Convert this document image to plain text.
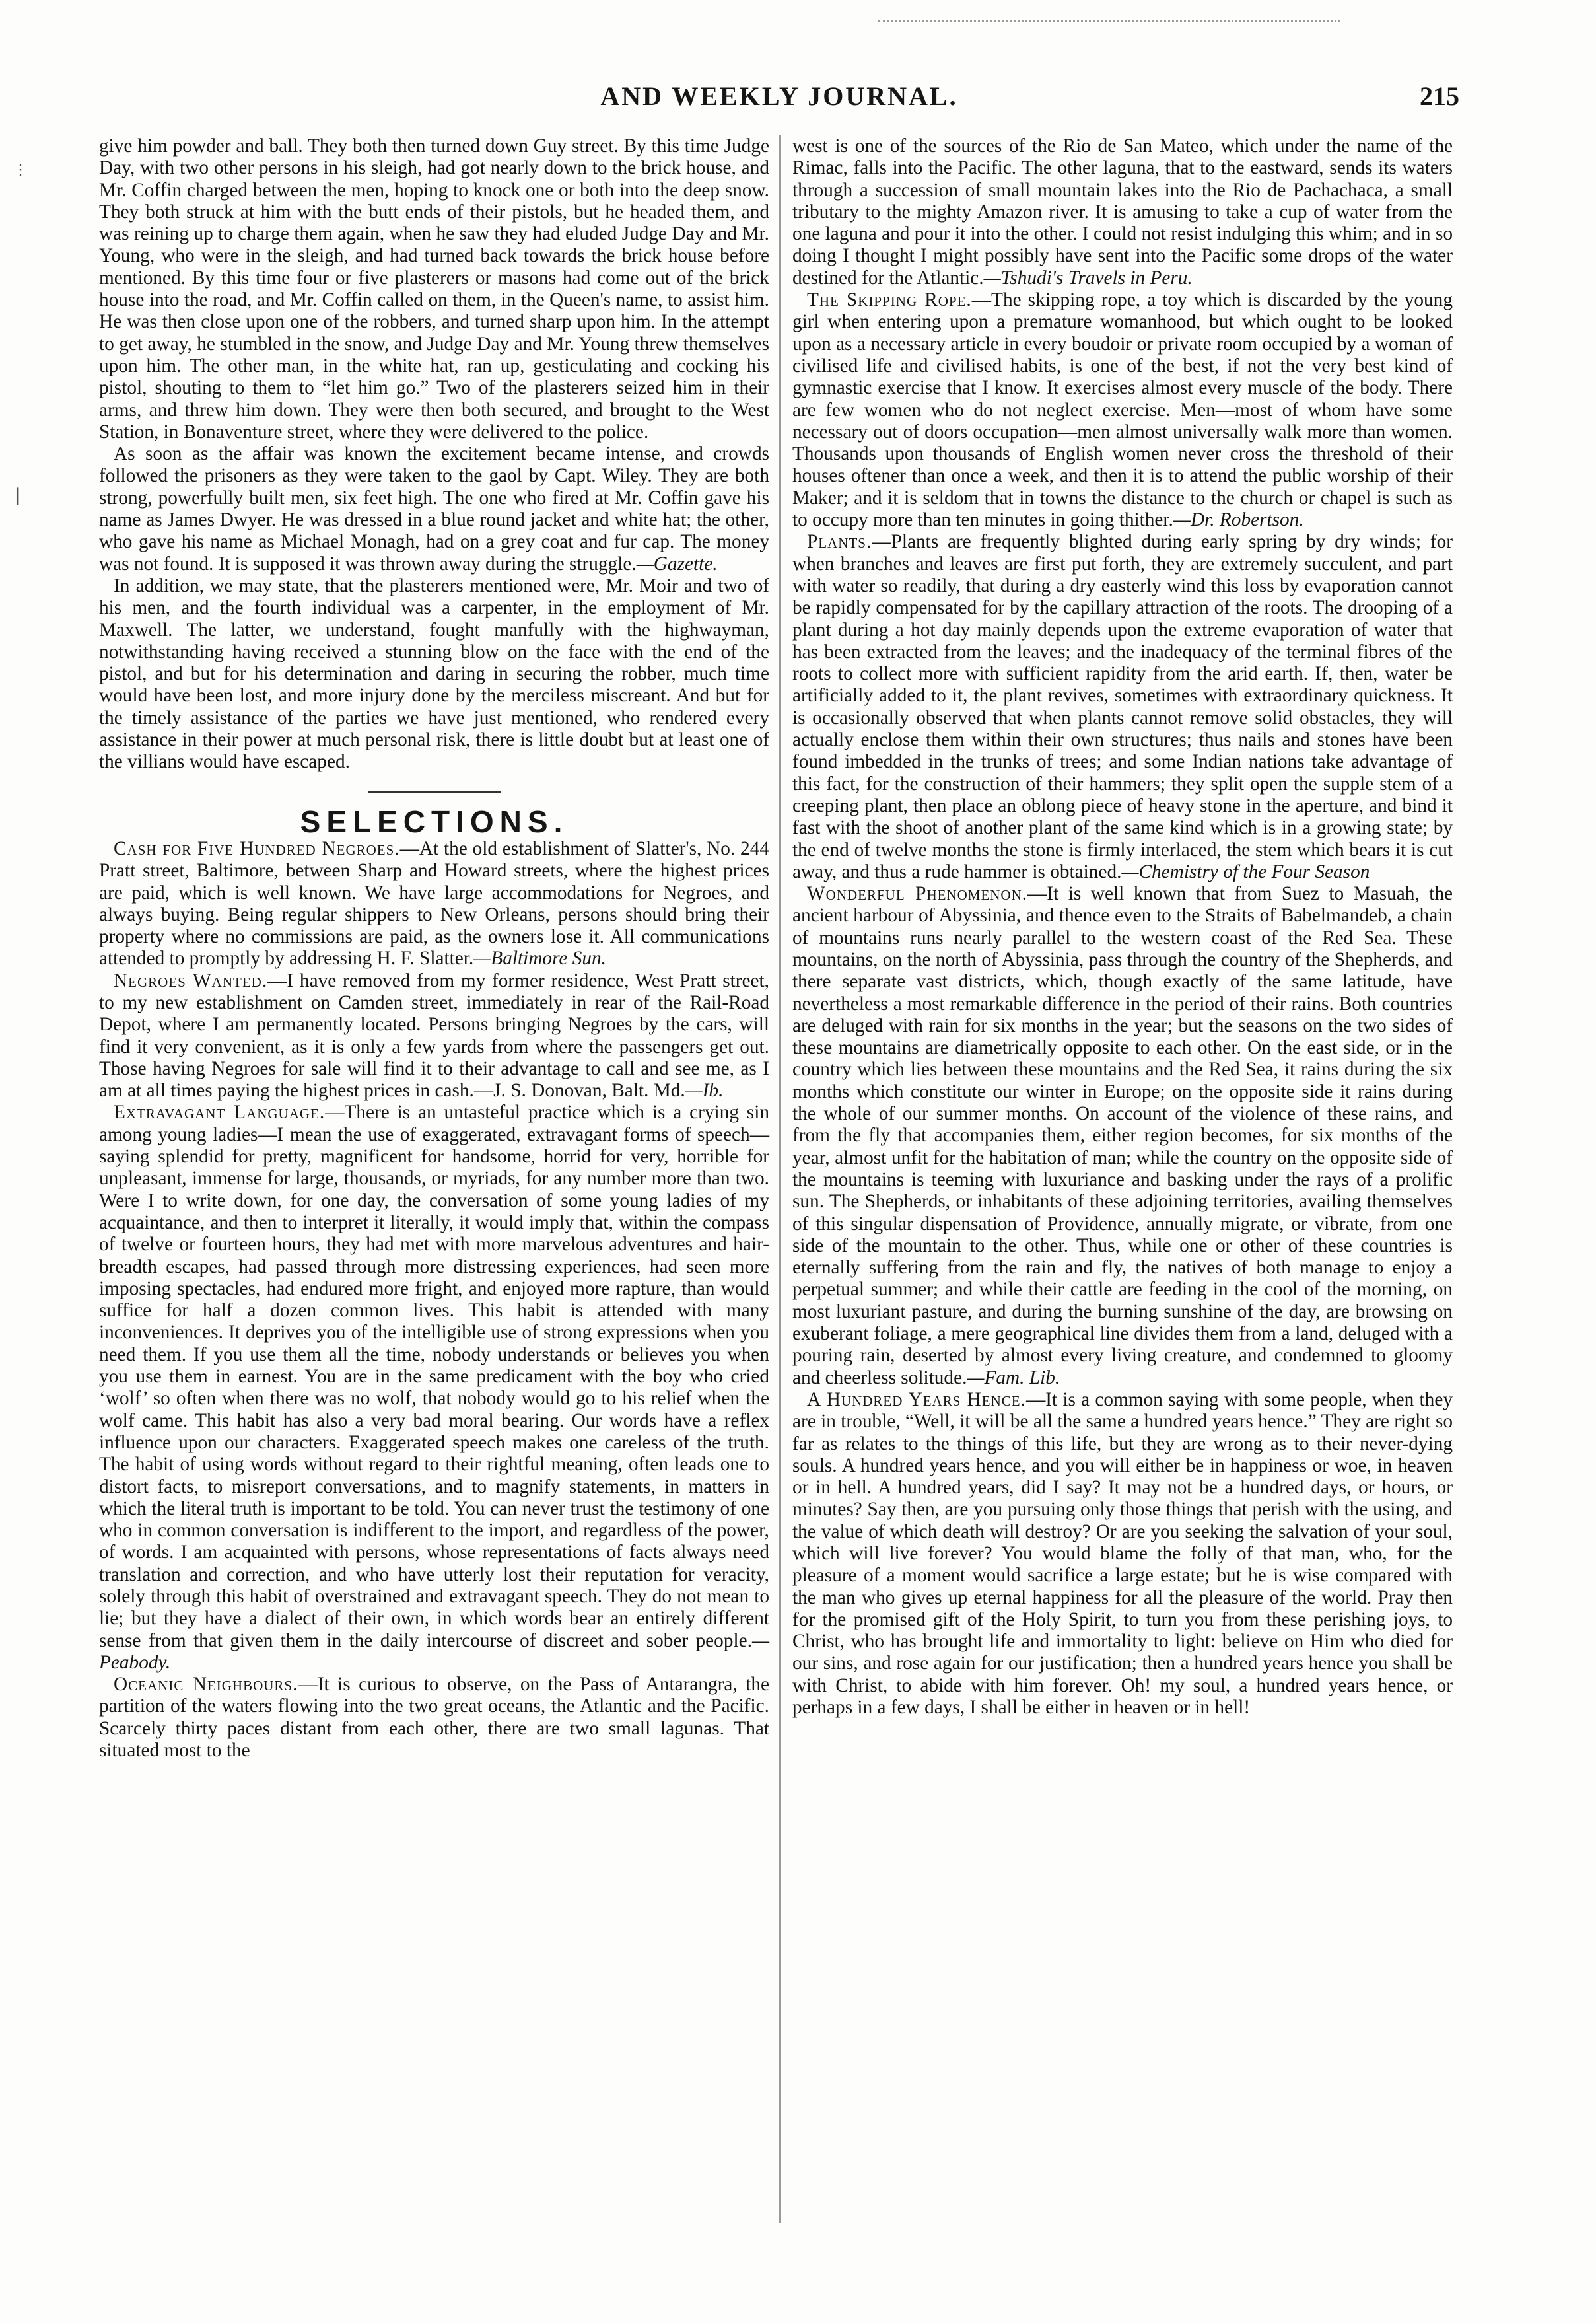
AND WEEKLY JOURNAL.	215
⋮
┃

give him powder and ball. They both then turned down Guy street. By this time Judge Day, with two other persons in his sleigh, had got nearly down to the brick house, and Mr. Coffin charged between the men, hoping to knock one or both into the deep snow. They both struck at him with the butt ends of their pistols, but he headed them, and was reining up to charge them again, when he saw they had eluded Judge Day and Mr. Young, who were in the sleigh, and had turned back towards the brick house before mentioned. By this time four or five plasterers or masons had come out of the brick house into the road, and Mr. Coffin called on them, in the Queen's name, to assist him. He was then close upon one of the robbers, and turned sharp upon him. In the attempt to get away, he stumbled in the snow, and Judge Day and Mr. Young threw themselves upon him. The other man, in the white hat, ran up, gesticulating and cocking his pistol, shouting to them to “let him go.” Two of the plasterers seized him in their arms, and threw him down. They were then both secured, and brought to the West Station, in Bonaventure street, where they were delivered to the police.

As soon as the affair was known the excitement became intense, and crowds followed the prisoners as they were taken to the gaol by Capt. Wiley. They are both strong, powerfully built men, six feet high. The one who fired at Mr. Coffin gave his name as James Dwyer. He was dressed in a blue round jacket and white hat; the other, who gave his name as Michael Monagh, had on a grey coat and fur cap. The money was not found. It is supposed it was thrown away during the struggle.—Gazette.

In addition, we may state, that the plasterers mentioned were, Mr. Moir and two of his men, and the fourth individual was a carpenter, in the employment of Mr. Maxwell. The latter, we understand, fought manfully with the highwayman, notwithstanding having received a stunning blow on the face with the end of the pistol, and but for his determination and daring in securing the robber, much time would have been lost, and more injury done by the merciless miscreant. And but for the timely assistance of the parties we have just mentioned, who rendered every assistance in their power at much personal risk, there is little doubt but at least one of the villians would have escaped.

SELECTIONS.

Cash for Five Hundred Negroes.—At the old establishment of Slatter's, No. 244 Pratt street, Baltimore, between Sharp and Howard streets, where the highest prices are paid, which is well known. We have large accommodations for Negroes, and always buying. Being regular shippers to New Orleans, persons should bring their property where no commissions are paid, as the owners lose it. All communications attended to promptly by addressing H. F. Slatter.—Baltimore Sun.

Negroes Wanted.—I have removed from my former residence, West Pratt street, to my new establishment on Camden street, immediately in rear of the Rail-Road Depot, where I am permanently located. Persons bringing Negroes by the cars, will find it very convenient, as it is only a few yards from where the passengers get out. Those having Negroes for sale will find it to their advantage to call and see me, as I am at all times paying the highest prices in cash.—J. S. Donovan, Balt. Md.—Ib.

Extravagant Language.—There is an untasteful practice which is a crying sin among young ladies—I mean the use of exaggerated, extravagant forms of speech—saying splendid for pretty, magnificent for handsome, horrid for very, horrible for unpleasant, immense for large, thousands, or myriads, for any number more than two. Were I to write down, for one day, the conversation of some young ladies of my acquaintance, and then to interpret it literally, it would imply that, within the compass of twelve or fourteen hours, they had met with more marvelous adventures and hair-breadth escapes, had passed through more distressing experiences, had seen more imposing spectacles, had endured more fright, and enjoyed more rapture, than would suffice for half a dozen common lives. This habit is attended with many inconveniences. It deprives you of the intelligible use of strong expressions when you need them. If you use them all the time, nobody understands or believes you when you use them in earnest. You are in the same predicament with the boy who cried ‘wolf’ so often when there was no wolf, that nobody would go to his relief when the wolf came. This habit has also a very bad moral bearing. Our words have a reflex influence upon our characters. Exaggerated speech makes one careless of the truth. The habit of using words without regard to their rightful meaning, often leads one to distort facts, to misreport conversations, and to magnify statements, in matters in which the literal truth is important to be told. You can never trust the testimony of one who in common conversation is indifferent to the import, and regardless of the power, of words. I am acquainted with persons, whose representations of facts always need translation and correction, and who have utterly lost their reputation for veracity, solely through this habit of overstrained and extravagant speech. They do not mean to lie; but they have a dialect of their own, in which words bear an entirely different sense from that given them in the daily intercourse of discreet and sober people.—Peabody.

Oceanic Neighbours.—It is curious to observe, on the Pass of Antarangra, the partition of the waters flowing into the two great oceans, the Atlantic and the Pacific. Scarcely thirty paces distant from each other, there are two small lagunas. That situated most to the

west is one of the sources of the Rio de San Mateo, which under the name of the Rimac, falls into the Pacific. The other laguna, that to the eastward, sends its waters through a succession of small mountain lakes into the Rio de Pachachaca, a small tributary to the mighty Amazon river. It is amusing to take a cup of water from the one laguna and pour it into the other. I could not resist indulging this whim; and in so doing I thought I might possibly have sent into the Pacific some drops of the water destined for the Atlantic.—Tshudi's Travels in Peru.

The Skipping Rope.—The skipping rope, a toy which is discarded by the young girl when entering upon a premature womanhood, but which ought to be looked upon as a necessary article in every boudoir or private room occupied by a woman of civilised life and civilised habits, is one of the best, if not the very best kind of gymnastic exercise that I know. It exercises almost every muscle of the body. There are few women who do not neglect exercise. Men—most of whom have some necessary out of doors occupation—men almost universally walk more than women. Thousands upon thousands of English women never cross the threshold of their houses oftener than once a week, and then it is to attend the public worship of their Maker; and it is seldom that in towns the distance to the church or chapel is such as to occupy more than ten minutes in going thither.—Dr. Robertson.

Plants.—Plants are frequently blighted during early spring by dry winds; for when branches and leaves are first put forth, they are extremely succulent, and part with water so readily, that during a dry easterly wind this loss by evaporation cannot be rapidly compensated for by the capillary attraction of the roots. The drooping of a plant during a hot day mainly depends upon the extreme evaporation of water that has been extracted from the leaves; and the inadequacy of the terminal fibres of the roots to collect more with sufficient rapidity from the arid earth. If, then, water be artificially added to it, the plant revives, sometimes with extraordinary quickness. It is occasionally observed that when plants cannot remove solid obstacles, they will actually enclose them within their own structures; thus nails and stones have been found imbedded in the trunks of trees; and some Indian nations take advantage of this fact, for the construction of their hammers; they split open the supple stem of a creeping plant, then place an oblong piece of heavy stone in the aperture, and bind it fast with the shoot of another plant of the same kind which is in a growing state; by the end of twelve months the stone is firmly interlaced, the stem which bears it is cut away, and thus a rude hammer is obtained.—Chemistry of the Four Season

Wonderful Phenomenon.—It is well known that from Suez to Masuah, the ancient harbour of Abyssinia, and thence even to the Straits of Babelmandeb, a chain of mountains runs nearly parallel to the western coast of the Red Sea. These mountains, on the north of Abyssinia, pass through the country of the Shepherds, and there separate vast districts, which, though exactly of the same latitude, have nevertheless a most remarkable difference in the period of their rains. Both countries are deluged with rain for six months in the year; but the seasons on the two sides of these mountains are diametrically opposite to each other. On the east side, or in the country which lies between these mountains and the Red Sea, it rains during the six months which constitute our winter in Europe; on the opposite side it rains during the whole of our summer months. On account of the violence of these rains, and from the fly that accompanies them, either region becomes, for six months of the year, almost unfit for the habitation of man; while the country on the opposite side of the mountains is teeming with luxuriance and basking under the rays of a prolific sun. The Shepherds, or inhabitants of these adjoining territories, availing themselves of this singular dispensation of Providence, annually migrate, or vibrate, from one side of the mountain to the other. Thus, while one or other of these countries is eternally suffering from the rain and fly, the natives of both manage to enjoy a perpetual summer; and while their cattle are feeding in the cool of the morning, on most luxuriant pasture, and during the burning sunshine of the day, are browsing on exuberant foliage, a mere geographical line divides them from a land, deluged with a pouring rain, deserted by almost every living creature, and condemned to gloomy and cheerless solitude.—Fam. Lib.

A Hundred Years Hence.—It is a common saying with some people, when they are in trouble, “Well, it will be all the same a hundred years hence.” They are right so far as relates to the things of this life, but they are wrong as to their never-dying souls. A hundred years hence, and you will either be in happiness or woe, in heaven or in hell. A hundred years, did I say? It may not be a hundred days, or hours, or minutes? Say then, are you pursuing only those things that perish with the using, and the value of which death will destroy? Or are you seeking the salvation of your soul, which will live forever? You would blame the folly of that man, who, for the pleasure of a moment would sacrifice a large estate; but he is wise compared with the man who gives up eternal happiness for all the pleasure of the world. Pray then for the promised gift of the Holy Spirit, to turn you from these perishing joys, to Christ, who has brought life and immortality to light: believe on Him who died for our sins, and rose again for our justification; then a hundred years hence you shall be with Christ, to abide with him forever. Oh! my soul, a hundred years hence, or perhaps in a few days, I shall be either in heaven or in hell!
